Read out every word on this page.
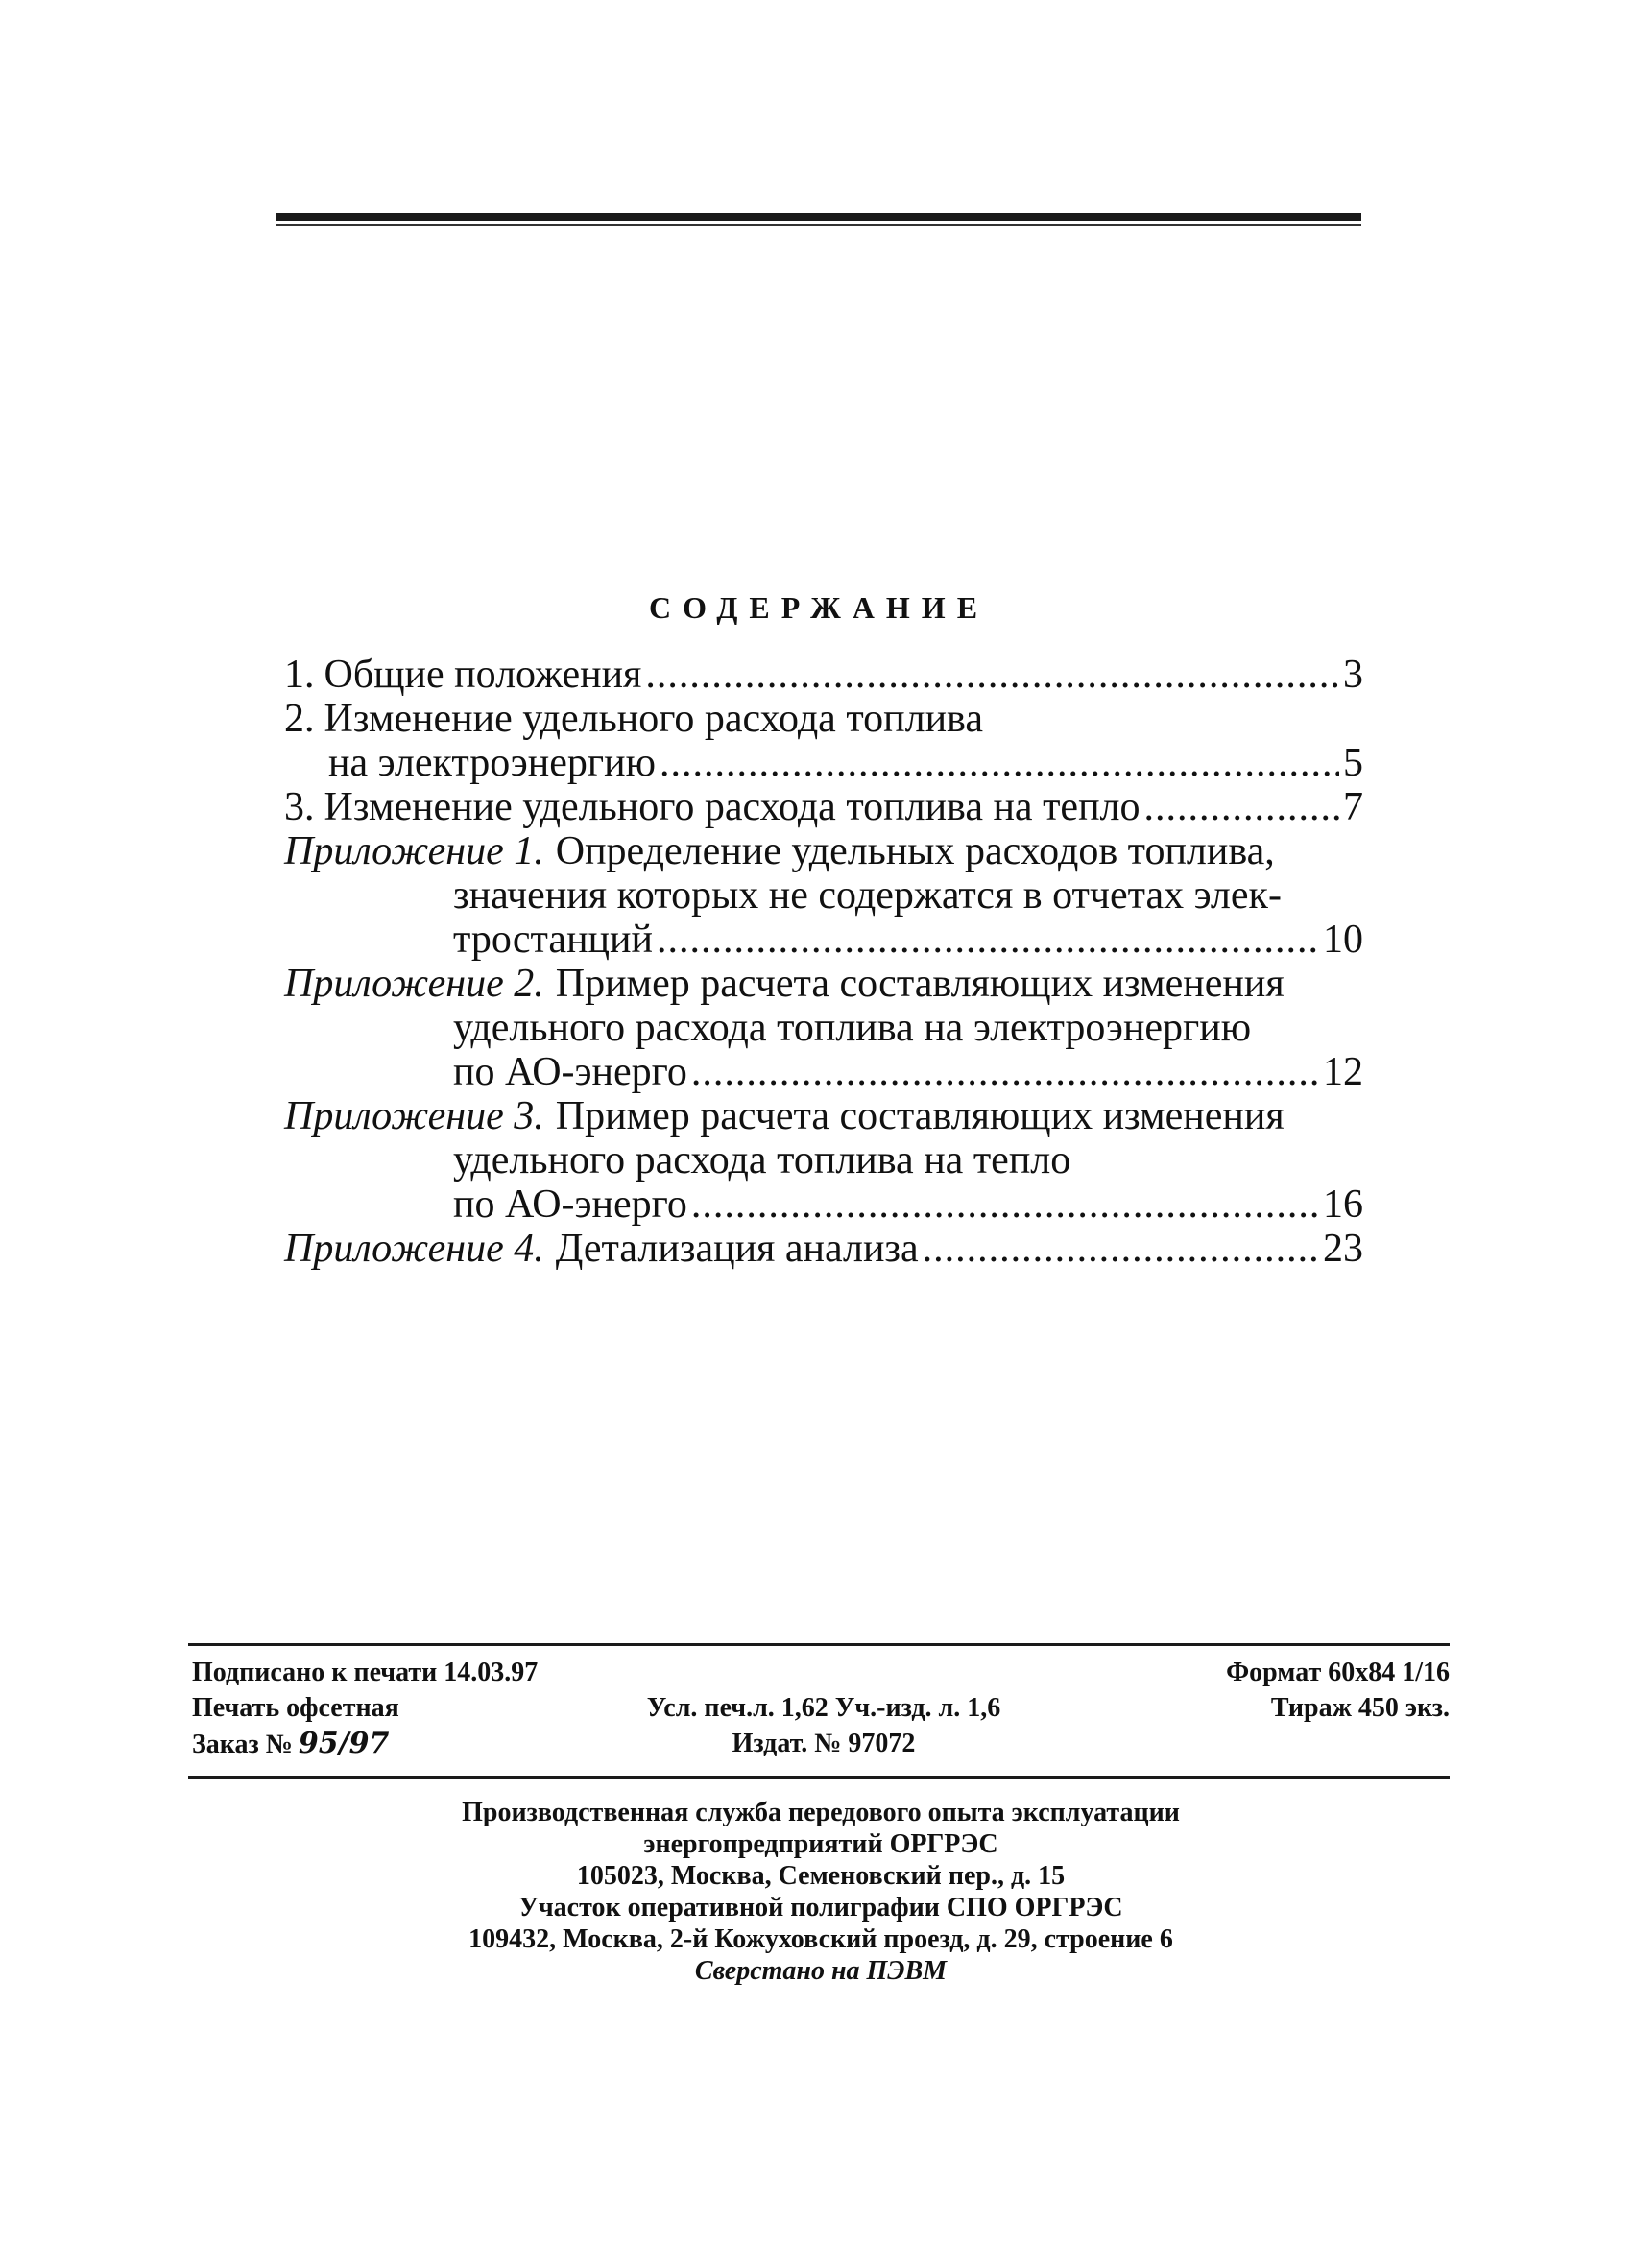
СОДЕРЖАНИЕ
1. Общие положения .....	3
2. Изменение удельного расхода топлива
на электроэнергию .....	5
3. Изменение удельного расхода топлива на тепло .....	7
Приложение 1. Определение удельных расходов топлива,
значения которых не содержатся в отчетах элек-
тростанций .....	10
Приложение 2. Пример расчета составляющих изменения
удельного расхода топлива на электроэнергию
по АО-энерго .....	12
Приложение 3. Пример расчета составляющих изменения
удельного расхода топлива на тепло
по АО-энерго .....	16
Приложение 4. Детализация анализа .....	23
Подписано к печати 14.03.97	Формат 60x84 1/16
Печать офсетная	Усл. печ.л. 1,62 Уч.-изд. л. 1,6	Тираж 450 экз.
Заказ № 95/97	Издат. № 97072
Производственная служба передового опыта эксплуатации
энергопредприятий ОРГРЭС
105023, Москва, Семеновский пер., д. 15
Участок оперативной полиграфии СПО ОРГРЭС
109432, Москва, 2-й Кожуховский проезд, д. 29, строение 6
Сверстано на ПЭВМ
